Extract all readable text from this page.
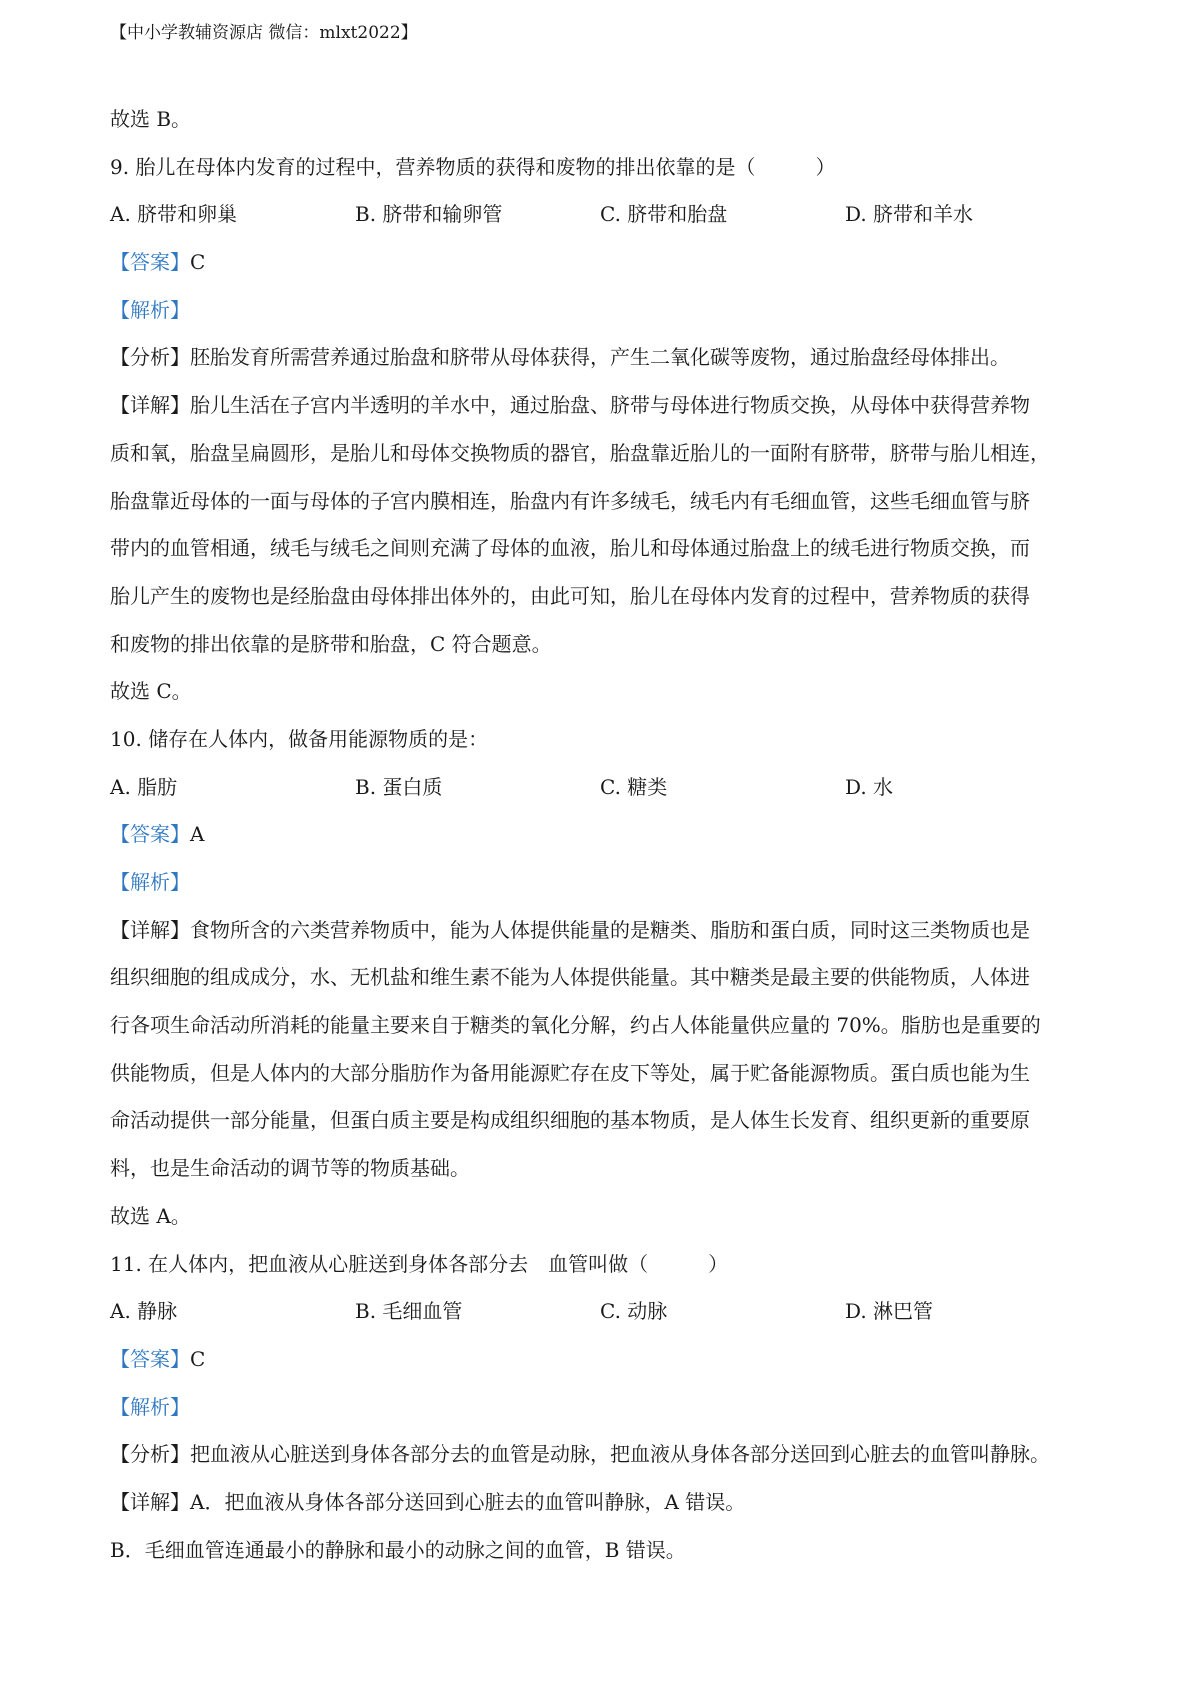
【中小学教辅资源店 微信：mlxt2022】
故选 B。
9. 胎儿在母体内发育的过程中，营养物质的获得和废物的排出依靠的是（　　　）
A. 脐带和卵巢	B. 脐带和输卵管	C. 脐带和胎盘	D. 脐带和羊水
【答案】C
【解析】
【分析】胚胎发育所需营养通过胎盘和脐带从母体获得，产生二氧化碳等废物，通过胎盘经母体排出。
【详解】胎儿生活在子宫内半透明的羊水中，通过胎盘、脐带与母体进行物质交换，从母体中获得营养物
质和氧，胎盘呈扁圆形，是胎儿和母体交换物质的器官，胎盘靠近胎儿的一面附有脐带，脐带与胎儿相连，
胎盘靠近母体的一面与母体的子宫内膜相连，胎盘内有许多绒毛，绒毛内有毛细血管，这些毛细血管与脐
带内的血管相通，绒毛与绒毛之间则充满了母体的血液，胎儿和母体通过胎盘上的绒毛进行物质交换，而
胎儿产生的废物也是经胎盘由母体排出体外的，由此可知，胎儿在母体内发育的过程中，营养物质的获得
和废物的排出依靠的是脐带和胎盘，C 符合题意。
故选 C。
10. 储存在人体内，做备用能源物质的是：
A. 脂肪	B. 蛋白质	C. 糖类	D. 水
【答案】A
【解析】
【详解】食物所含的六类营养物质中，能为人体提供能量的是糖类、脂肪和蛋白质，同时这三类物质也是
组织细胞的组成成分，水、无机盐和维生素不能为人体提供能量。其中糖类是最主要的供能物质，人体进
行各项生命活动所消耗的能量主要来自于糖类的氧化分解，约占人体能量供应量的 70%。脂肪也是重要的
供能物质，但是人体内的大部分脂肪作为备用能源贮存在皮下等处，属于贮备能源物质。蛋白质也能为生
命活动提供一部分能量，但蛋白质主要是构成组织细胞的基本物质，是人体生长发育、组织更新的重要原
料，也是生命活动的调节等的物质基础。
故选 A。
11. 在人体内，把血液从心脏送到身体各部分去　血管叫做（　　　）
A. 静脉	B. 毛细血管	C. 动脉	D. 淋巴管
【答案】C
【解析】
【分析】把血液从心脏送到身体各部分去的血管是动脉，把血液从身体各部分送回到心脏去的血管叫静脉。
【详解】A．把血液从身体各部分送回到心脏去的血管叫静脉，A 错误。
B．毛细血管连通最小的静脉和最小的动脉之间的血管，B 错误。
